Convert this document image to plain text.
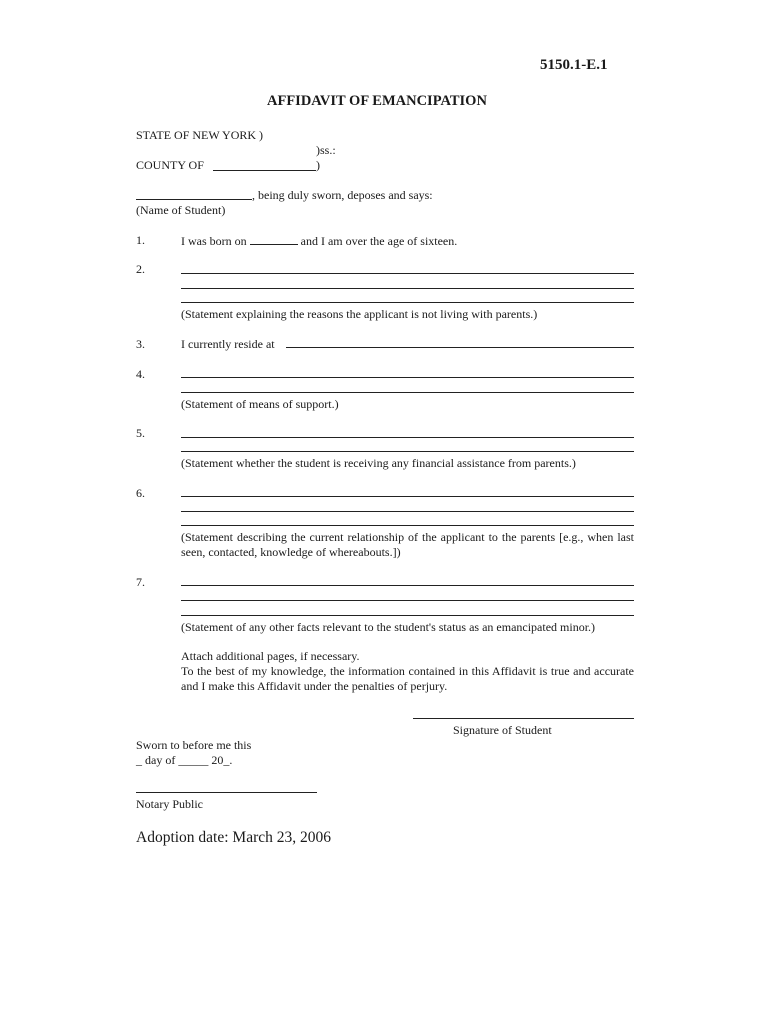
5150.1-E.1
AFFIDAVIT OF EMANCIPATION
STATE OF NEW YORK )
)ss.:
COUNTY OF	)
, being duly sworn, deposes and says:
(Name of Student)
1.	I was born on	and I am over the age of sixteen.
2.
(Statement explaining the reasons the applicant is not living with parents.)
3.	I currently reside at
4.
(Statement of means of support.)
5.
(Statement whether the student is receiving any financial assistance from parents.)
6.
(Statement describing the current relationship of the applicant to the parents [e.g., when last seen, contacted, knowledge of whereabouts.])
7.
(Statement of any other facts relevant to the student's status as an emancipated minor.)
Attach additional pages, if necessary.
To the best of my knowledge, the information contained in this Affidavit is true and accurate and I make this Affidavit under the penalties of perjury.
Signature of Student
Sworn to before me this
_ day of _____ 20_.
Notary Public
Adoption date: March 23, 2006
